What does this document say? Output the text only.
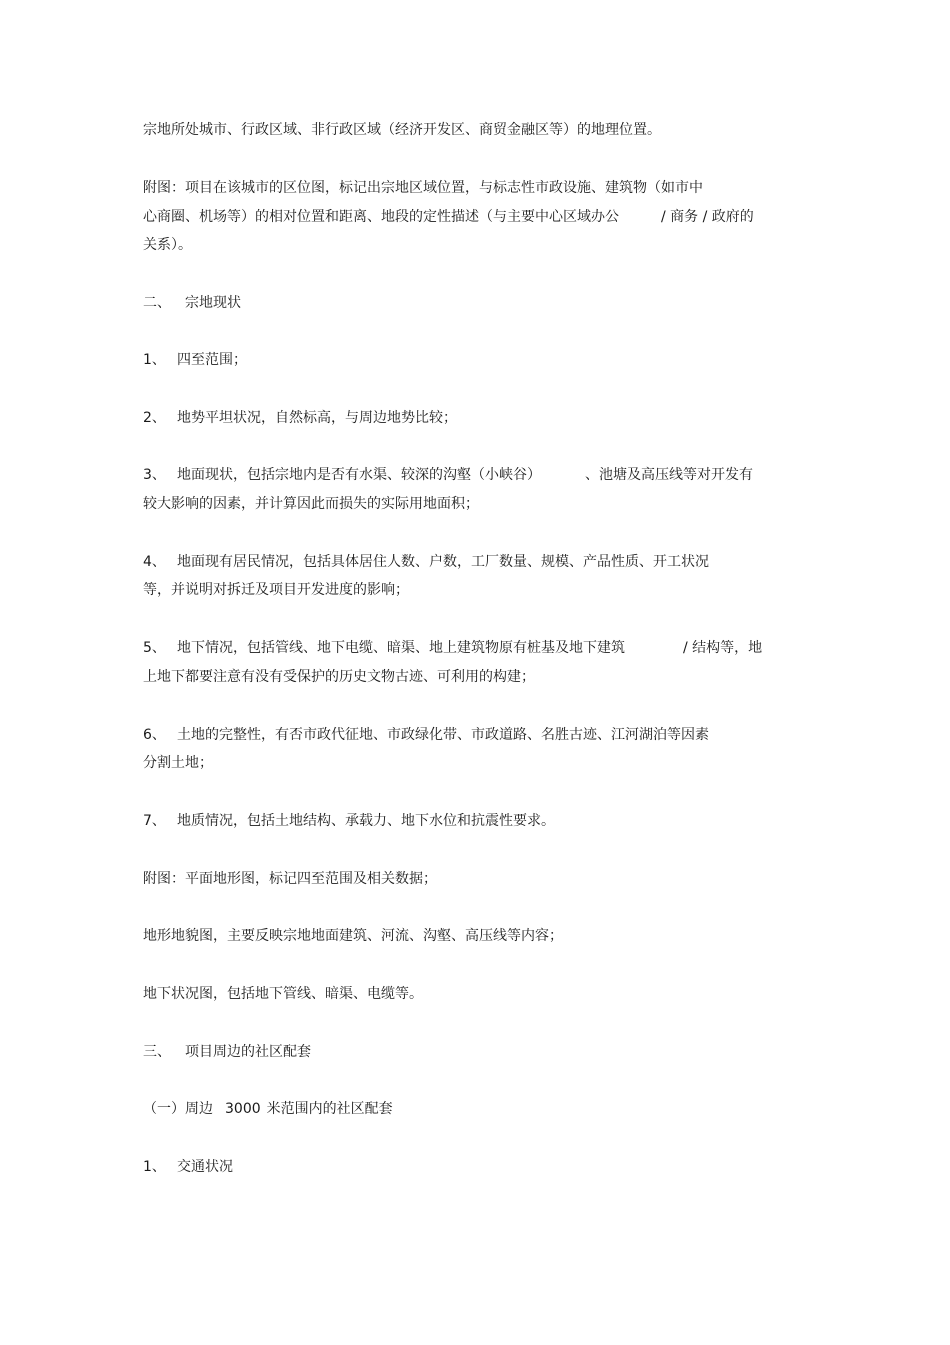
宗地所处城市、行政区域、非行政区域（经济开发区、商贸金融区等）的地理位置。
附图：项目在该城市的区位图，标记出宗地区域位置，与标志性市政设施、建筑物（如市中
心商圈、机场等）的相对位置和距离、地段的定性描述（与主要中心区域办公	/ 商务 / 政府的
关系）。
二、 宗地现状
1、 四至范围；
2、 地势平坦状况，自然标高，与周边地势比较；
3、 地面现状，包括宗地内是否有水渠、较深的沟壑（小峡谷）	、池塘及高压线等对开发有
较大影响的因素，并计算因此而损失的实际用地面积；
4、 地面现有居民情况，包括具体居住人数、户数，工厂数量、规模、产品性质、开工状况
等，并说明对拆迁及项目开发进度的影响；
5、 地下情况，包括管线、地下电缆、暗渠、地上建筑物原有桩基及地下建筑	/ 结构等，地
上地下都要注意有没有受保护的历史文物古迹、可利用的构建；
6、 土地的完整性，有否市政代征地、市政绿化带、市政道路、名胜古迹、江河湖泊等因素
分割土地；
7、 地质情况，包括土地结构、承载力、地下水位和抗震性要求。
附图：平面地形图，标记四至范围及相关数据；
地形地貌图，主要反映宗地地面建筑、河流、沟壑、高压线等内容；
地下状况图，包括地下管线、暗渠、电缆等。
三、 项目周边的社区配套
（一）周边 3000 米范围内的社区配套
1、 交通状况
